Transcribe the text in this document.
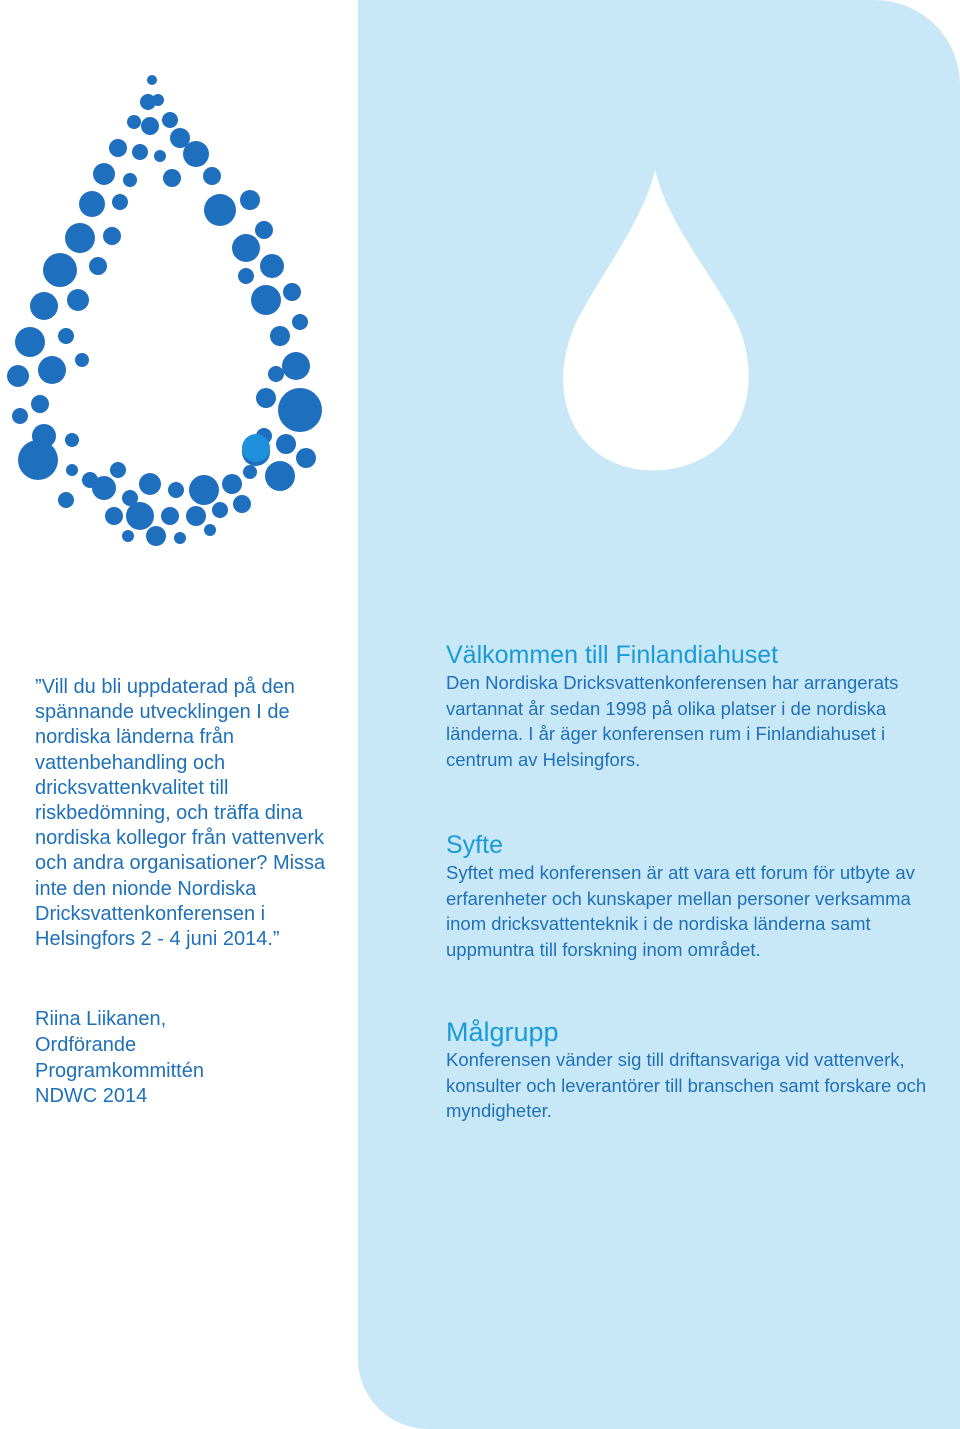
”Vill du bli uppdaterad på den spännande utvecklingen I de nordiska länderna från vattenbehandling och dricksvattenkvalitet till riskbedömning, och träffa dina nordiska kollegor från vattenverk och andra organisationer? Missa inte den nionde Nordiska Dricksvattenkonferensen i Helsingfors 2 - 4 juni 2014.”

Riina Liikanen,
Ordförande
Programkommittén
NDWC 2014
Välkommen till Finlandiahuset

Den Nordiska Dricksvattenkonferensen har arrangerats vartannat år sedan 1998 på olika platser i de nordiska länderna. I år äger konferensen rum i Finlandiahuset i centrum av Helsingfors.

Syfte

Syftet med konferensen är att vara ett forum för utbyte av erfarenheter och kunskaper mellan personer verksamma inom dricksvattenteknik i de nordiska länderna samt uppmuntra till forskning inom området.

Målgrupp

Konferensen vänder sig till driftansvariga vid vattenverk, konsulter och leverantörer till branschen samt forskare och myndigheter.
